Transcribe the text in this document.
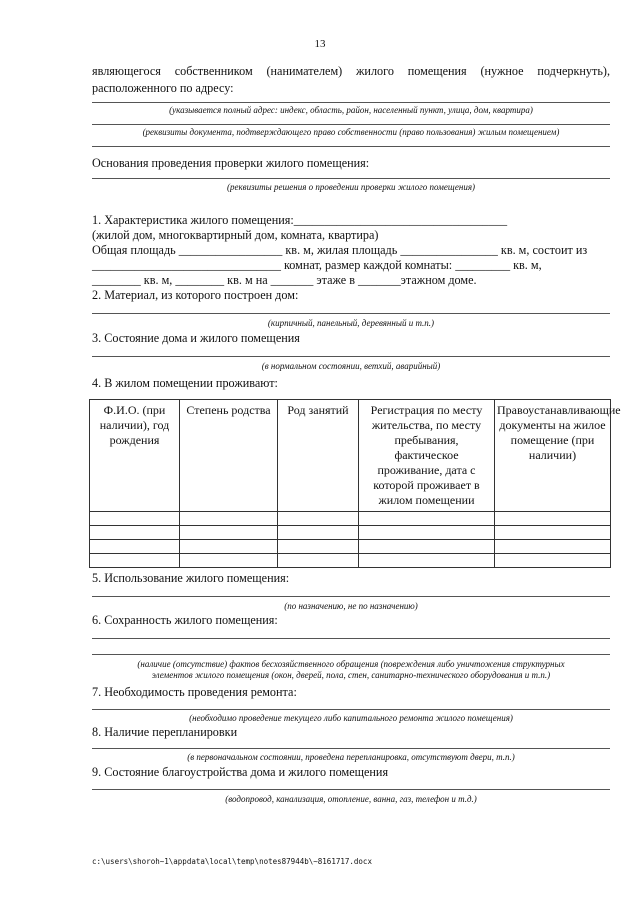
13
являющегося собственником (нанимателем) жилого помещения (нужное подчеркнуть),
расположенного по адресу:
(указывается полный адрес: индекс, область, район, населенный пункт, улица, дом, квартира)
(реквизиты документа, подтверждающего право собственности (право пользования) жилым помещением)
Основания проведения проверки жилого помещения:
(реквизиты решения о проведении проверки жилого помещения)
1. Характеристика жилого помещения:___________________________________
(жилой дом, многоквартирный дом, комната, квартира)
Общая площадь _________________ кв. м, жилая площадь ________________ кв. м, состоит из
_______________________________ комнат, размер каждой комнаты: _________ кв. м,
________ кв. м, ________ кв. м на _______ этаже в _______этажном доме.
2. Материал, из которого построен дом:
(кирпичный, панельный, деревянный и т.п.)
3. Состояние дома и жилого помещения
(в нормальном состоянии, ветхий, аварийный)
4. В жилом помещении проживают:
Ф.И.О. (при наличии), год рождения	Степень родства	Род занятий	Регистрация по месту жительства, по месту пребывания, фактическое проживание, дата с которой проживает в жилом помещении	Правоустанавливающие документы на жилое помещение (при наличии)

5. Использование жилого помещения:
(по назначению, не по назначению)
6. Сохранность жилого помещения:
(наличие (отсутствие) фактов бесхозяйственного обращения (повреждения либо уничтожения структурных
элементов жилого помещения (окон, дверей, пола, стен, санитарно-технического оборудования и т.п.)
7. Необходимость проведения ремонта:
(необходимо проведение текущего либо капитального ремонта жилого помещения)
8. Наличие перепланировки
(в первоначальном состоянии, проведена перепланировка, отсутствуют двери, т.п.)
9. Состояние благоустройства дома и жилого помещения
(водопровод, канализация, отопление, ванна, газ, телефон и т.д.)
c:\users\shoroh~1\appdata\local\temp\notes87944b\~8161717.docx
